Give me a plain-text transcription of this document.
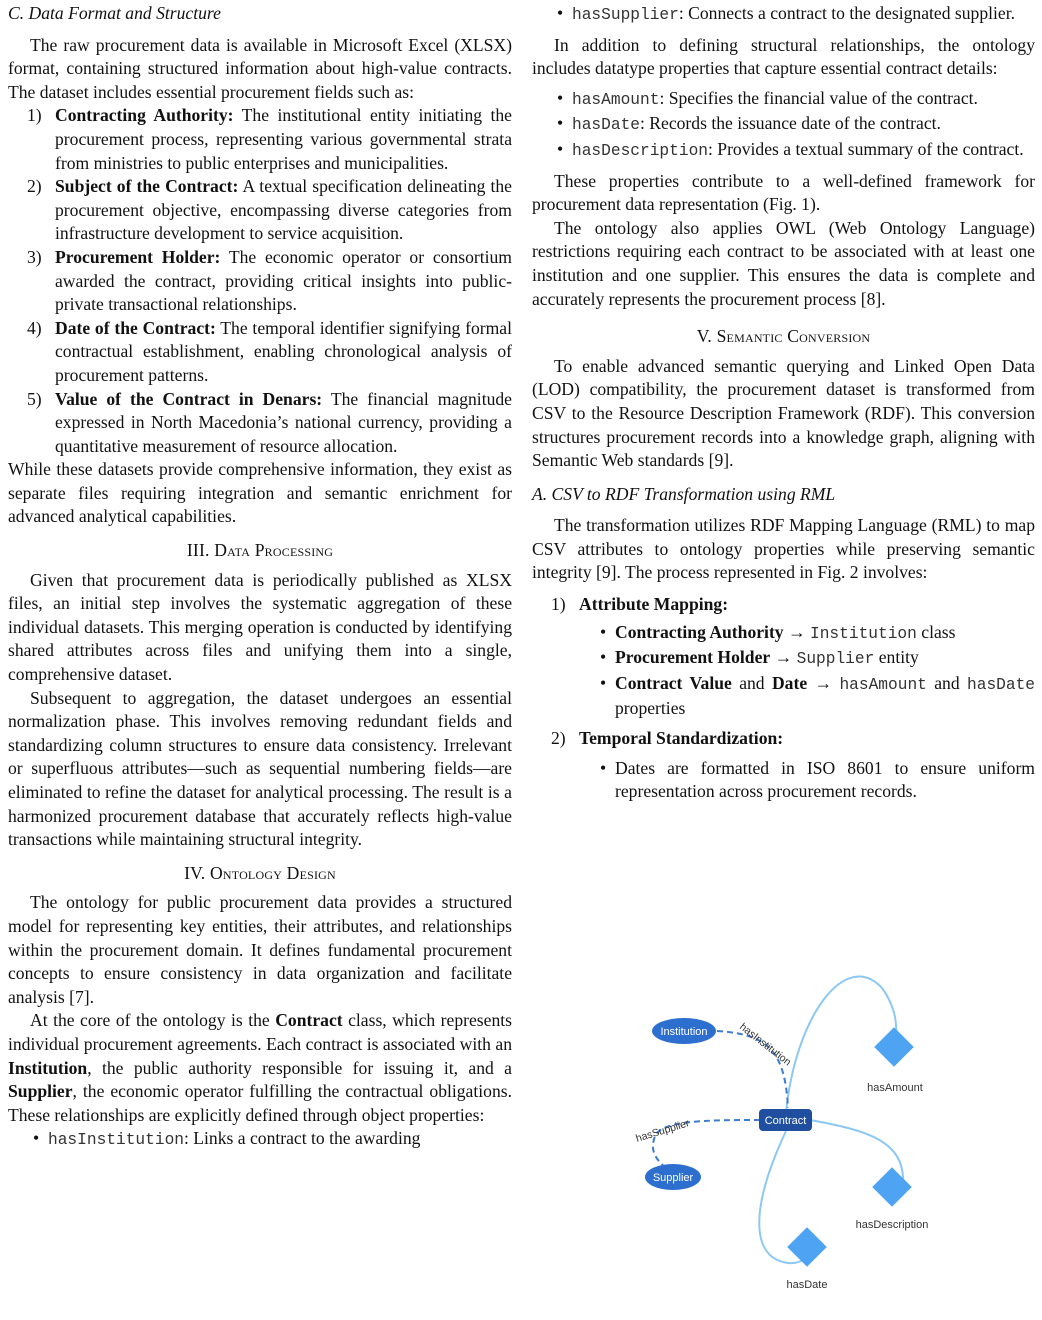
C. Data Format and Structure

The raw procurement data is available in Microsoft Excel (XLSX) format, containing structured information about high-value contracts. The dataset includes essential procurement fields such as:

1) Contracting Authority: The institutional entity initiating the procurement process, representing various governmental strata from ministries to public enterprises and municipalities.
2) Subject of the Contract: A textual specification delineating the procurement objective, encompassing diverse categories from infrastructure development to service acquisition.
3) Procurement Holder: The economic operator or consortium awarded the contract, providing critical insights into public-private transactional relationships.
4) Date of the Contract: The temporal identifier signifying formal contractual establishment, enabling chronological analysis of procurement patterns.
5) Value of the Contract in Denars: The financial magnitude expressed in North Macedonia’s national currency, providing a quantitative measurement of resource allocation.

While these datasets provide comprehensive information, they exist as separate files requiring integration and semantic enrichment for advanced analytical capabilities.

III. Data Processing

Given that procurement data is periodically published as XLSX files, an initial step involves the systematic aggregation of these individual datasets. This merging operation is conducted by identifying shared attributes across files and unifying them into a single, comprehensive dataset.

Subsequent to aggregation, the dataset undergoes an essential normalization phase. This involves removing redundant fields and standardizing column structures to ensure data consistency. Irrelevant or superfluous attributes—such as sequential numbering fields—are eliminated to refine the dataset for analytical processing. The result is a harmonized procurement database that accurately reflects high-value transactions while maintaining structural integrity.

IV. Ontology Design

The ontology for public procurement data provides a structured model for representing key entities, their attributes, and relationships within the procurement domain. It defines fundamental procurement concepts to ensure consistency in data organization and facilitate analysis [7].

At the core of the ontology is the Contract class, which represents individual procurement agreements. Each contract is associated with an Institution, the public authority responsible for issuing it, and a Supplier, the economic operator fulfilling the contractual obligations. These relationships are explicitly defined through object properties:

• hasInstitution: Links a contract to the awarding
• hasSupplier: Connects a contract to the designated supplier.

In addition to defining structural relationships, the ontology includes datatype properties that capture essential contract details:

• hasAmount: Specifies the financial value of the contract.
• hasDate: Records the issuance date of the contract.
• hasDescription: Provides a textual summary of the contract.

These properties contribute to a well-defined framework for procurement data representation (Fig. 1).

The ontology also applies OWL (Web Ontology Language) restrictions requiring each contract to be associated with at least one institution and one supplier. This ensures the data is complete and accurately represents the procurement process [8].

V. Semantic Conversion

To enable advanced semantic querying and Linked Open Data (LOD) compatibility, the procurement dataset is transformed from CSV to the Resource Description Framework (RDF). This conversion structures procurement records into a knowledge graph, aligning with Semantic Web standards [9].

A. CSV to RDF Transformation using RML

The transformation utilizes RDF Mapping Language (RML) to map CSV attributes to ontology properties while preserving semantic integrity [9]. The process represented in Fig. 2 involves:

1) Attribute Mapping:
• Contracting Authority → Institution class
• Procurement Holder → Supplier entity
• Contract Value and Date → hasAmount and hasDate properties
2) Temporal Standardization:
• Dates are formatted in ISO 8601 to ensure uniform representation across procurement records.
hasInstitution
hasSupplier
hasAmount
hasDescription
hasDate
Institution
Contract
Supplier
